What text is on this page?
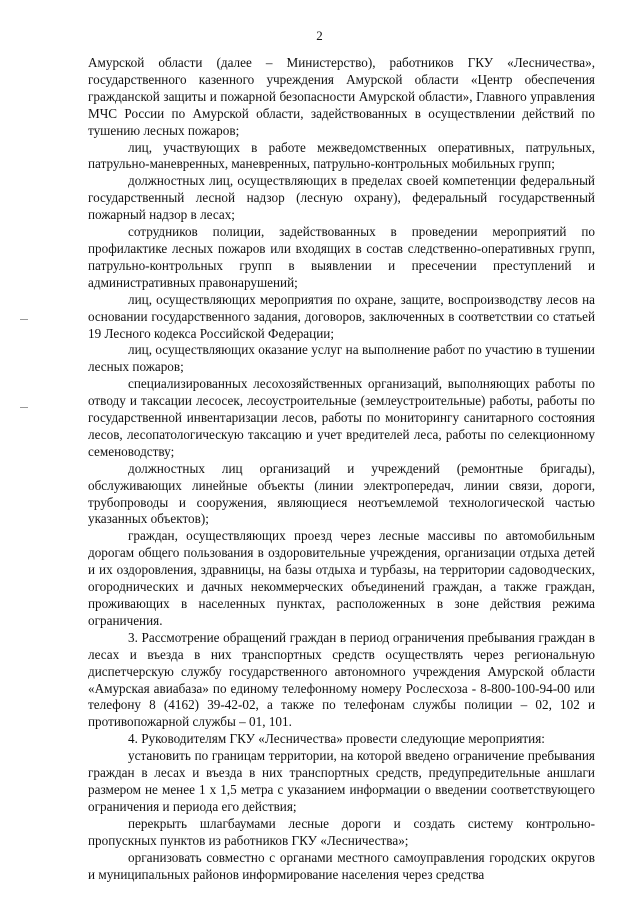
2

Амурской области (далее – Министерство), работников ГКУ «Лесничества», государственного казенного учреждения Амурской области «Центр обеспечения гражданской защиты и пожарной безопасности Амурской области», Главного управления МЧС России по Амурской области, задействованных в осуществлении действий по тушению лесных пожаров;

лиц, участвующих в работе межведомственных оперативных, патрульных, патрульно-маневренных, маневренных, патрульно-контрольных мобильных групп;

должностных лиц, осуществляющих в пределах своей компетенции федеральный государственный лесной надзор (лесную охрану), федеральный государственный пожарный надзор в лесах;

сотрудников полиции, задействованных в проведении мероприятий по профилактике лесных пожаров или входящих в состав следственно-оперативных групп, патрульно-контрольных групп в выявлении и пресечении преступлений и административных правонарушений;

лиц, осуществляющих мероприятия по охране, защите, воспроизводству лесов на основании государственного задания, договоров, заключенных в соответствии со статьей 19 Лесного кодекса Российской Федерации;

лиц, осуществляющих оказание услуг на выполнение работ по участию в тушении лесных пожаров;

специализированных лесохозяйственных организаций, выполняющих работы по отводу и таксации лесосек, лесоустроительные (землеустроительные) работы, работы по государственной инвентаризации лесов, работы по мониторингу санитарного состояния лесов, лесопатологическую таксацию и учет вредителей леса, работы по селекционному семеноводству;

должностных лиц организаций и учреждений (ремонтные бригады), обслуживающих линейные объекты (линии электропередач, линии связи, дороги, трубопроводы и сооружения, являющиеся неотъемлемой технологической частью указанных объектов);

граждан, осуществляющих проезд через лесные массивы по автомобильным дорогам общего пользования в оздоровительные учреждения, организации отдыха детей и их оздоровления, здравницы, на базы отдыха и турбазы, на территории садоводческих, огороднических и дачных некоммерческих объединений граждан, а также граждан, проживающих в населенных пунктах, расположенных в зоне действия режима ограничения.

3. Рассмотрение обращений граждан в период ограничения пребывания граждан в лесах и въезда в них транспортных средств осуществлять через региональную диспетчерскую службу государственного автономного учреждения Амурской области «Амурская авиабаза» по единому телефонному номеру Рослесхоза - 8-800-100-94-00 или телефону 8 (4162) 39-42-02, а также по телефонам службы полиции – 02, 102 и противопожарной службы – 01, 101.

4. Руководителям ГКУ «Лесничества» провести следующие мероприятия:

установить по границам территории, на которой введено ограничение пребывания граждан в лесах и въезда в них транспортных средств, предупредительные аншлаги размером не менее 1 х 1,5 метра с указанием информации о введении соответствующего ограничения и периода его действия;

перекрыть шлагбаумами лесные дороги и создать систему контрольно-пропускных пунктов из работников ГКУ «Лесничества»;

организовать совместно с органами местного самоуправления городских округов и муниципальных районов информирование населения через средства
